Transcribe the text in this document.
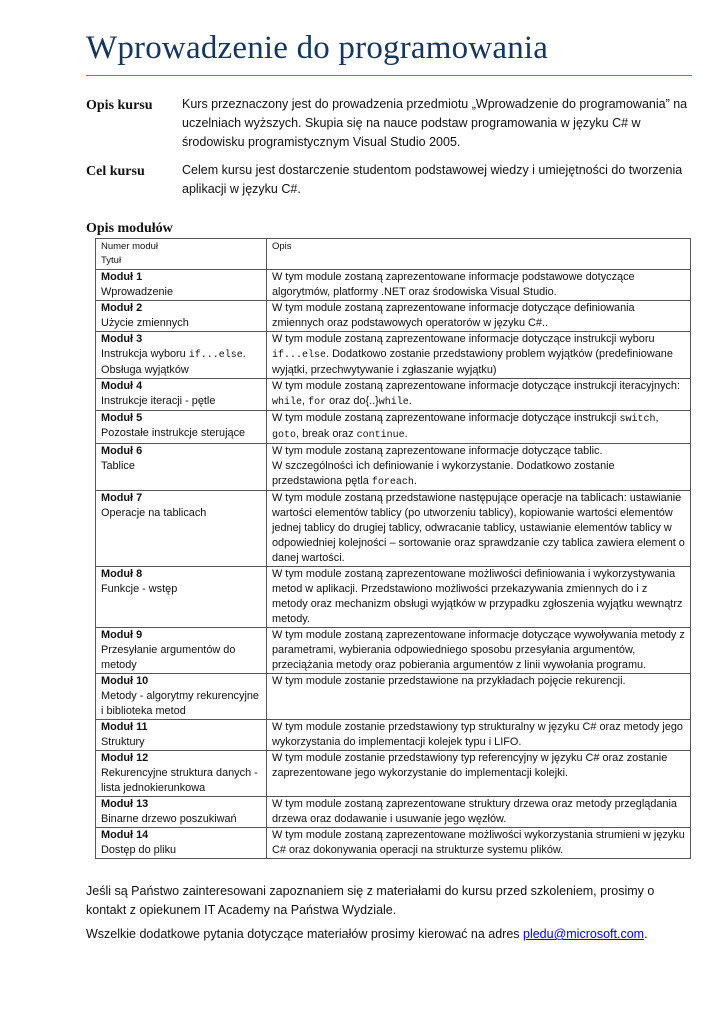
Wprowadzenie do programowania
Opis kursu	Kurs przeznaczony jest do prowadzenia przedmiotu „Wprowadzenie do programowania” na uczelniach wyższych. Skupia się na nauce podstaw programowania w języku C# w środowisku programistycznym Visual Studio 2005.
Cel kursu	Celem kursu jest dostarczenie studentom podstawowej wiedzy i umiejętności do tworzenia aplikacji w języku C#.
Opis modułów
Numer moduł
Tytuł	Opis

Moduł 1
Wprowadzenie	W tym module zostaną zaprezentowane informacje podstawowe dotyczące algorytmów, platformy .NET oraz środowiska Visual Studio.

Moduł 2
Użycie zmiennych	W tym module zostaną zaprezentowane informacje dotyczące definiowania zmiennych oraz podstawowych operatorów w języku C#..

Moduł 3
Instrukcja wyboru if...else.
Obsługa wyjątków	W tym module zostaną zaprezentowane informacje dotyczące instrukcji wyboru if...else. Dodatkowo zostanie przedstawiony problem wyjątków (predefiniowane wyjątki, przechwytywanie i zgłaszanie wyjątku)

Moduł 4
Instrukcje iteracji - pętle	W tym module zostaną zaprezentowane informacje dotyczące instrukcji iteracyjnych: while, for oraz do{..}while.

Moduł 5
Pozostałe instrukcje sterujące	W tym module zostaną zaprezentowane informacje dotyczące instrukcji switch, goto, break oraz continue.

Moduł 6
Tablice	W tym module zostaną zaprezentowane informacje dotyczące tablic.
W szczególności ich definiowanie i wykorzystanie. Dodatkowo zostanie przedstawiona pętla foreach.

Moduł 7
Operacje na tablicach	W tym module zostaną przedstawione następujące operacje na tablicach: ustawianie wartości elementów tablicy (po utworzeniu tablicy), kopiowanie wartości elementów jednej tablicy do drugiej tablicy, odwracanie tablicy, ustawianie elementów tablicy w odpowiedniej kolejności – sortowanie oraz sprawdzanie czy tablica zawiera element o danej wartości.

Moduł 8
Funkcje - wstęp	W tym module zostaną zaprezentowane możliwości definiowania i wykorzystywania metod w aplikacji. Przedstawiono możliwości przekazywania zmiennych do i z metody oraz mechanizm obsługi wyjątków w przypadku zgłoszenia wyjątku wewnątrz metody.

Moduł 9
Przesyłanie argumentów do metody	W tym module zostaną zaprezentowane informacje dotyczące wywoływania metody z parametrami, wybierania odpowiedniego sposobu przesyłania argumentów, przeciążania metody oraz pobierania argumentów z linii wywołania programu.

Moduł 10
Metody - algorytmy rekurencyjne i biblioteka metod	W tym module zostanie przedstawione na przykładach pojęcie rekurencji.

Moduł 11
Struktury	W tym module zostanie przedstawiony typ strukturalny w języku C# oraz metody jego wykorzystania do implementacji kolejek typu i LIFO.

Moduł 12
Rekurencyjne struktura danych - lista jednokierunkowa	W tym module zostanie przedstawiony typ referencyjny w języku C# oraz zostanie zaprezentowane jego wykorzystanie do implementacji kolejki.

Moduł 13
Binarne drzewo poszukiwań	W tym module zostaną zaprezentowane struktury drzewa oraz metody przeglądania drzewa oraz dodawanie i usuwanie jego węzłów.

Moduł 14
Dostęp do pliku	W tym module zostaną zaprezentowane możliwości wykorzystania strumieni w języku C# oraz dokonywania operacji na strukturze systemu plików.

Jeśli są Państwo zainteresowani zapoznaniem się z materiałami do kursu przed szkoleniem, prosimy o kontakt z opiekunem IT Academy na Państwa Wydziale.

Wszelkie dodatkowe pytania dotyczące materiałów prosimy kierować na adres pledu@microsoft.com.
